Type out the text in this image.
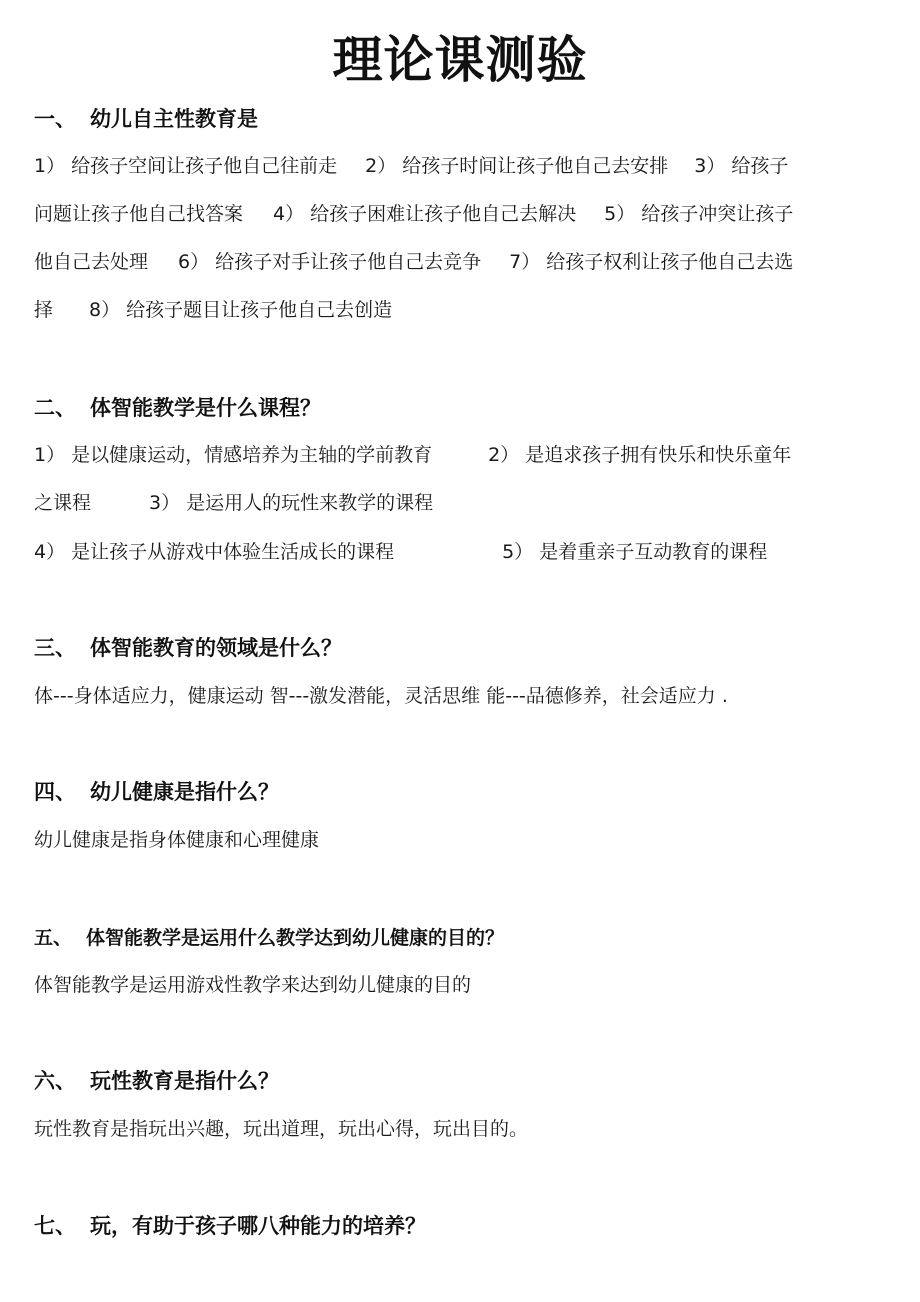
理论课测验
一、 幼儿自主性教育是

1） 给孩子空间让孩子他自己往前走 2） 给孩子时间让孩子他自己去安排 3） 给孩子

问题让孩子他自己找答案 4） 给孩子困难让孩子他自己去解决 5） 给孩子冲突让孩子

他自己去处理 6） 给孩子对手让孩子他自己去竞争 7） 给孩子权利让孩子他自己去选

择 8） 给孩子题目让孩子他自己去创造

二、 体智能教学是什么课程？

1） 是以健康运动，情感培养为主轴的学前教育	2） 是追求孩子拥有快乐和快乐童年

之课程	3） 是运用人的玩性来教学的课程

4） 是让孩子从游戏中体验生活成长的课程	5） 是着重亲子互动教育的课程

三、 体智能教育的领域是什么？

体---身体适应力，健康运动 智---激发潜能，灵活思维 能---品德修养，社会适应力 .

四、 幼儿健康是指什么？

幼儿健康是指身体健康和心理健康

五、 体智能教学是运用什么教学达到幼儿健康的目的？

体智能教学是运用游戏性教学来达到幼儿健康的目的

六、 玩性教育是指什么？

玩性教育是指玩出兴趣，玩出道理，玩出心得，玩出目的。

七、 玩，有助于孩子哪八种能力的培养？
